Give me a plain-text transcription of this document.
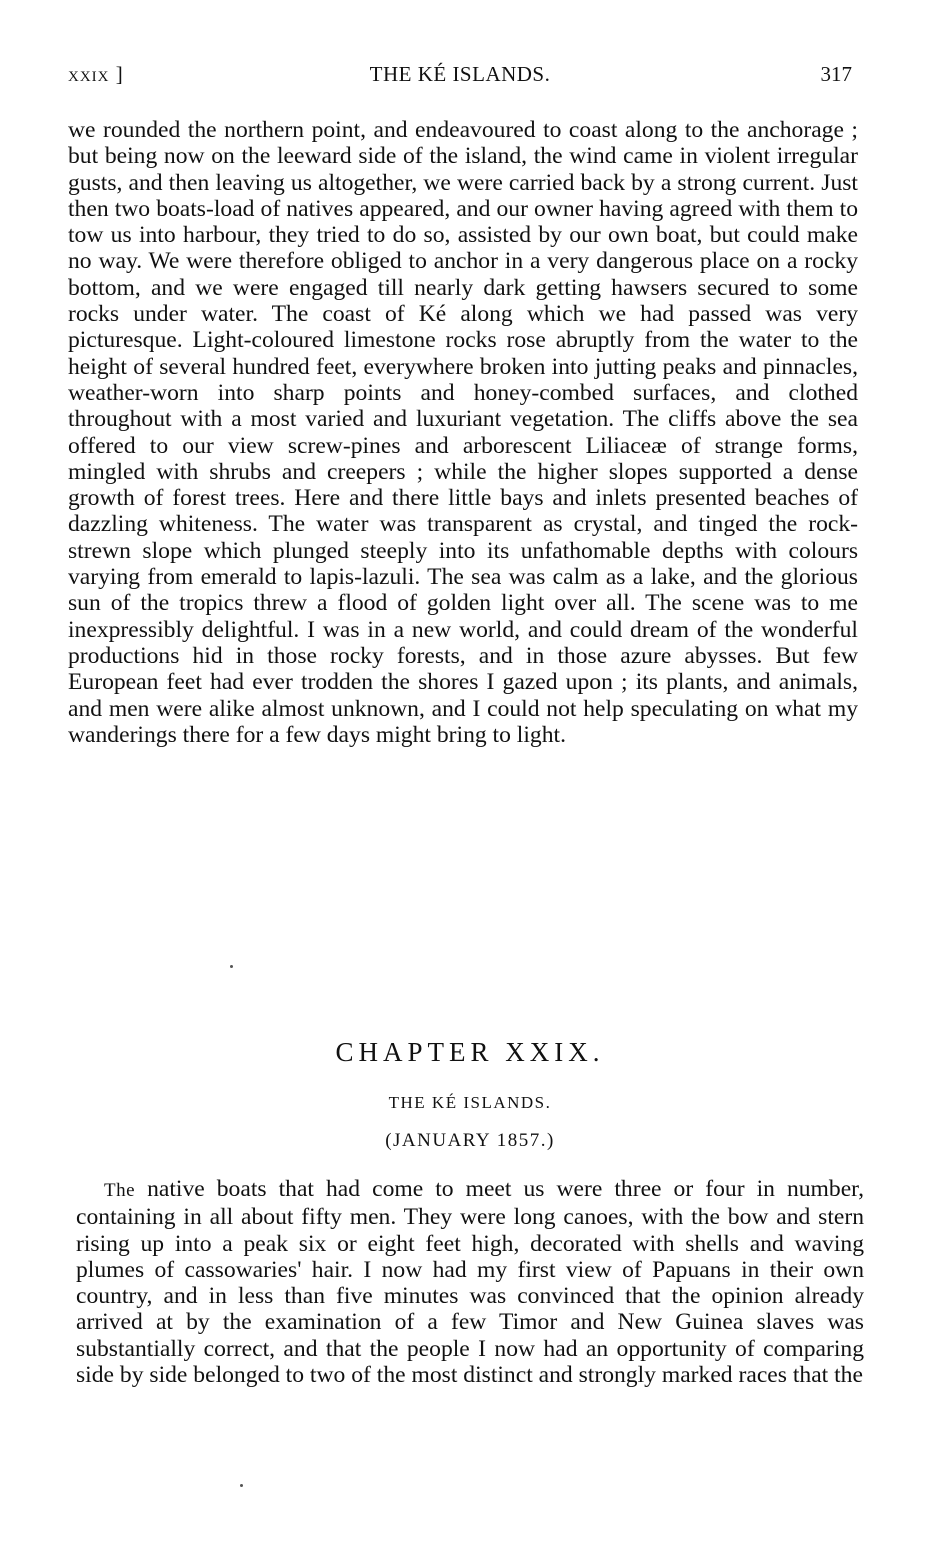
xxix ]	THE KÉ ISLANDS.	317

we rounded the northern point, and endeavoured to coast along to the anchorage ; but being now on the leeward side of the island, the wind came in violent irregular gusts, and then leaving us altogether, we were carried back by a strong current. Just then two boats-load of natives appeared, and our owner having agreed with them to tow us into harbour, they tried to do so, assisted by our own boat, but could make no way. We were therefore obliged to anchor in a very dangerous place on a rocky bottom, and we were engaged till nearly dark getting hawsers secured to some rocks under water. The coast of Ké along which we had passed was very picturesque. Light-coloured limestone rocks rose abruptly from the water to the height of several hundred feet, everywhere broken into jutting peaks and pinnacles, weather-worn into sharp points and honey-combed surfaces, and clothed throughout with a most varied and luxuriant vegetation. The cliffs above the sea offered to our view screw-pines and arborescent Liliaceæ of strange forms, mingled with shrubs and creepers ; while the higher slopes supported a dense growth of forest trees. Here and there little bays and inlets presented beaches of dazzling whiteness. The water was transparent as crystal, and tinged the rock-strewn slope which plunged steeply into its unfathomable depths with colours varying from emerald to lapis-lazuli. The sea was calm as a lake, and the glorious sun of the tropics threw a flood of golden light over all. The scene was to me inexpressibly delightful. I was in a new world, and could dream of the wonderful productions hid in those rocky forests, and in those azure abysses. But few European feet had ever trodden the shores I gazed upon ; its plants, and animals, and men were alike almost unknown, and I could not help speculating on what my wanderings there for a few days might bring to light.

CHAPTER XXIX.
THE KÉ ISLANDS.
(JANUARY 1857.)

The native boats that had come to meet us were three or four in number, containing in all about fifty men. They were long canoes, with the bow and stern rising up into a peak six or eight feet high, decorated with shells and waving plumes of cassowaries' hair. I now had my first view of Papuans in their own country, and in less than five minutes was convinced that the opinion already arrived at by the examination of a few Timor and New Guinea slaves was substantially correct, and that the people I now had an opportunity of comparing side by side belonged to two of the most distinct and strongly marked races that the
